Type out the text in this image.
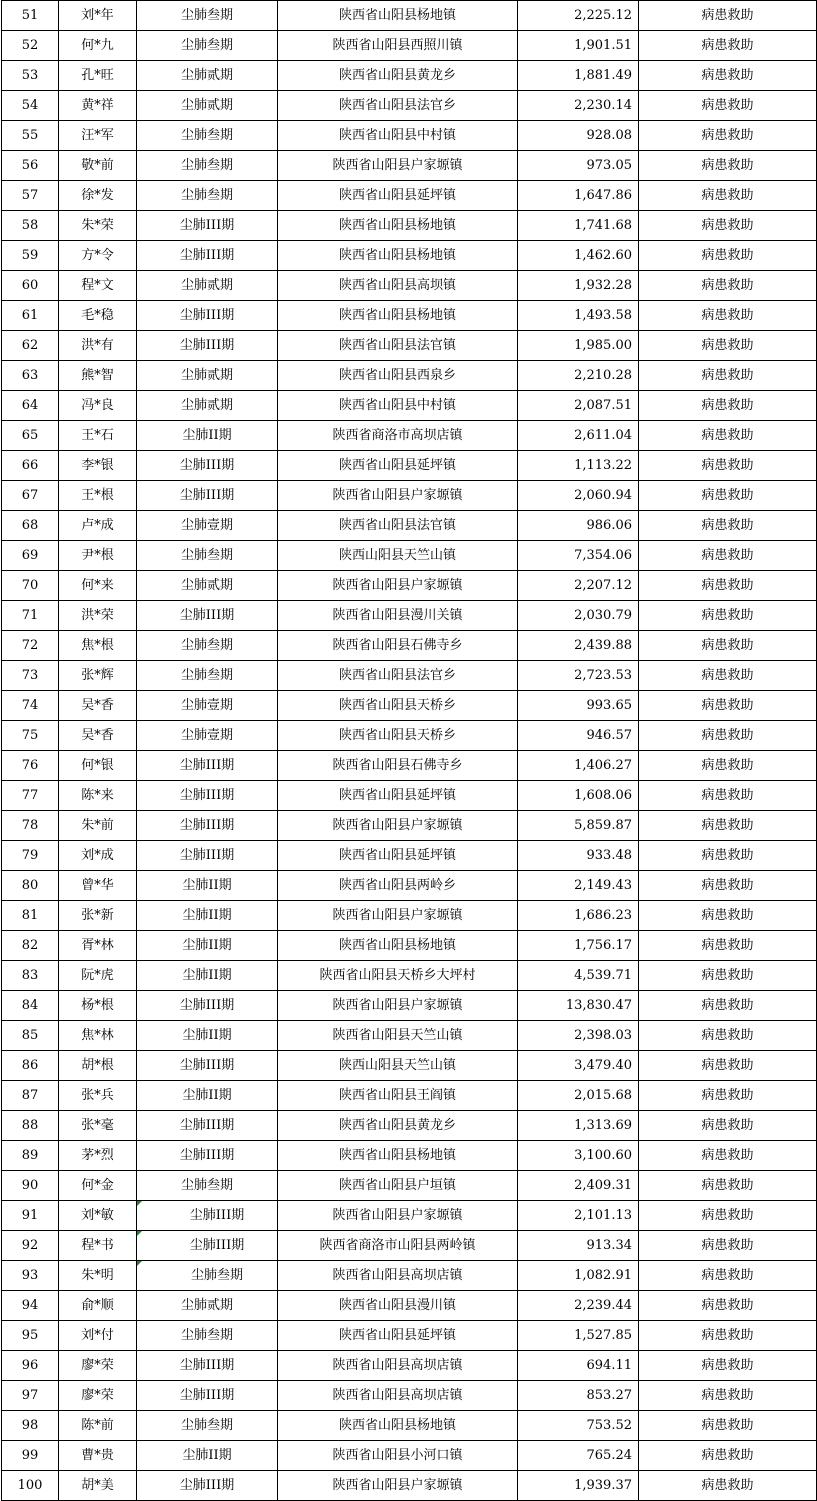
51	刘*年	尘肺叁期	陕西省山阳县杨地镇	2,225.12	病患救助
52	何*九	尘肺叁期	陕西省山阳县西照川镇	1,901.51	病患救助
53	孔*旺	尘肺贰期	陕西省山阳县黄龙乡	1,881.49	病患救助
54	黄*祥	尘肺贰期	陕西省山阳县法官乡	2,230.14	病患救助
55	汪*军	尘肺叁期	陕西省山阳县中村镇	928.08	病患救助
56	敬*前	尘肺叁期	陕西省山阳县户家塬镇	973.05	病患救助
57	徐*发	尘肺叁期	陕西省山阳县延坪镇	1,647.86	病患救助
58	朱*荣	尘肺III期	陕西省山阳县杨地镇	1,741.68	病患救助
59	方*令	尘肺III期	陕西省山阳县杨地镇	1,462.60	病患救助
60	程*文	尘肺贰期	陕西省山阳县高坝镇	1,932.28	病患救助
61	毛*稳	尘肺III期	陕西省山阳县杨地镇	1,493.58	病患救助
62	洪*有	尘肺III期	陕西省山阳县法官镇	1,985.00	病患救助
63	熊*智	尘肺贰期	陕西省山阳县西泉乡	2,210.28	病患救助
64	冯*良	尘肺贰期	陕西省山阳县中村镇	2,087.51	病患救助
65	王*石	尘肺II期	陕西省商洛市高坝店镇	2,611.04	病患救助
66	李*银	尘肺III期	陕西省山阳县延坪镇	1,113.22	病患救助
67	王*根	尘肺III期	陕西省山阳县户家塬镇	2,060.94	病患救助
68	卢*成	尘肺壹期	陕西省山阳县法官镇	986.06	病患救助
69	尹*根	尘肺叁期	陕西山阳县天竺山镇	7,354.06	病患救助
70	何*来	尘肺贰期	陕西省山阳县户家塬镇	2,207.12	病患救助
71	洪*荣	尘肺III期	陕西省山阳县漫川关镇	2,030.79	病患救助
72	焦*根	尘肺叁期	陕西省山阳县石佛寺乡	2,439.88	病患救助
73	张*辉	尘肺叁期	陕西省山阳县法官乡	2,723.53	病患救助
74	吴*香	尘肺壹期	陕西省山阳县天桥乡	993.65	病患救助
75	吴*香	尘肺壹期	陕西省山阳县天桥乡	946.57	病患救助
76	何*银	尘肺III期	陕西省山阳县石佛寺乡	1,406.27	病患救助
77	陈*来	尘肺III期	陕西省山阳县延坪镇	1,608.06	病患救助
78	朱*前	尘肺III期	陕西省山阳县户家塬镇	5,859.87	病患救助
79	刘*成	尘肺III期	陕西省山阳县延坪镇	933.48	病患救助
80	曾*华	尘肺II期	陕西省山阳县两岭乡	2,149.43	病患救助
81	张*新	尘肺II期	陕西省山阳县户家塬镇	1,686.23	病患救助
82	胥*林	尘肺II期	陕西省山阳县杨地镇	1,756.17	病患救助
83	阮*虎	尘肺II期	陕西省山阳县天桥乡大坪村	4,539.71	病患救助
84	杨*根	尘肺III期	陕西省山阳县户家塬镇	13,830.47	病患救助
85	焦*林	尘肺II期	陕西省山阳县天竺山镇	2,398.03	病患救助
86	胡*根	尘肺III期	陕西山阳县天竺山镇	3,479.40	病患救助
87	张*兵	尘肺II期	陕西省山阳县王阎镇	2,015.68	病患救助
88	张*毫	尘肺III期	陕西省山阳县黄龙乡	1,313.69	病患救助
89	茅*烈	尘肺III期	陕西省山阳县杨地镇	3,100.60	病患救助
90	何*金	尘肺叁期	陕西省山阳县户垣镇	2,409.31	病患救助
91	刘*敏	尘肺III期	陕西省山阳县户家塬镇	2,101.13	病患救助
92	程*书	尘肺III期	陕西省商洛市山阳县两岭镇	913.34	病患救助
93	朱*明	尘肺叁期	陕西省山阳县高坝店镇	1,082.91	病患救助
94	俞*顺	尘肺贰期	陕西省山阳县漫川镇	2,239.44	病患救助
95	刘*付	尘肺叁期	陕西省山阳县延坪镇	1,527.85	病患救助
96	廖*荣	尘肺III期	陕西省山阳县高坝店镇	694.11	病患救助
97	廖*荣	尘肺III期	陕西省山阳县高坝店镇	853.27	病患救助
98	陈*前	尘肺叁期	陕西省山阳县杨地镇	753.52	病患救助
99	曹*贵	尘肺II期	陕西省山阳县小河口镇	765.24	病患救助
100	胡*美	尘肺III期	陕西省山阳县户家塬镇	1,939.37	病患救助
